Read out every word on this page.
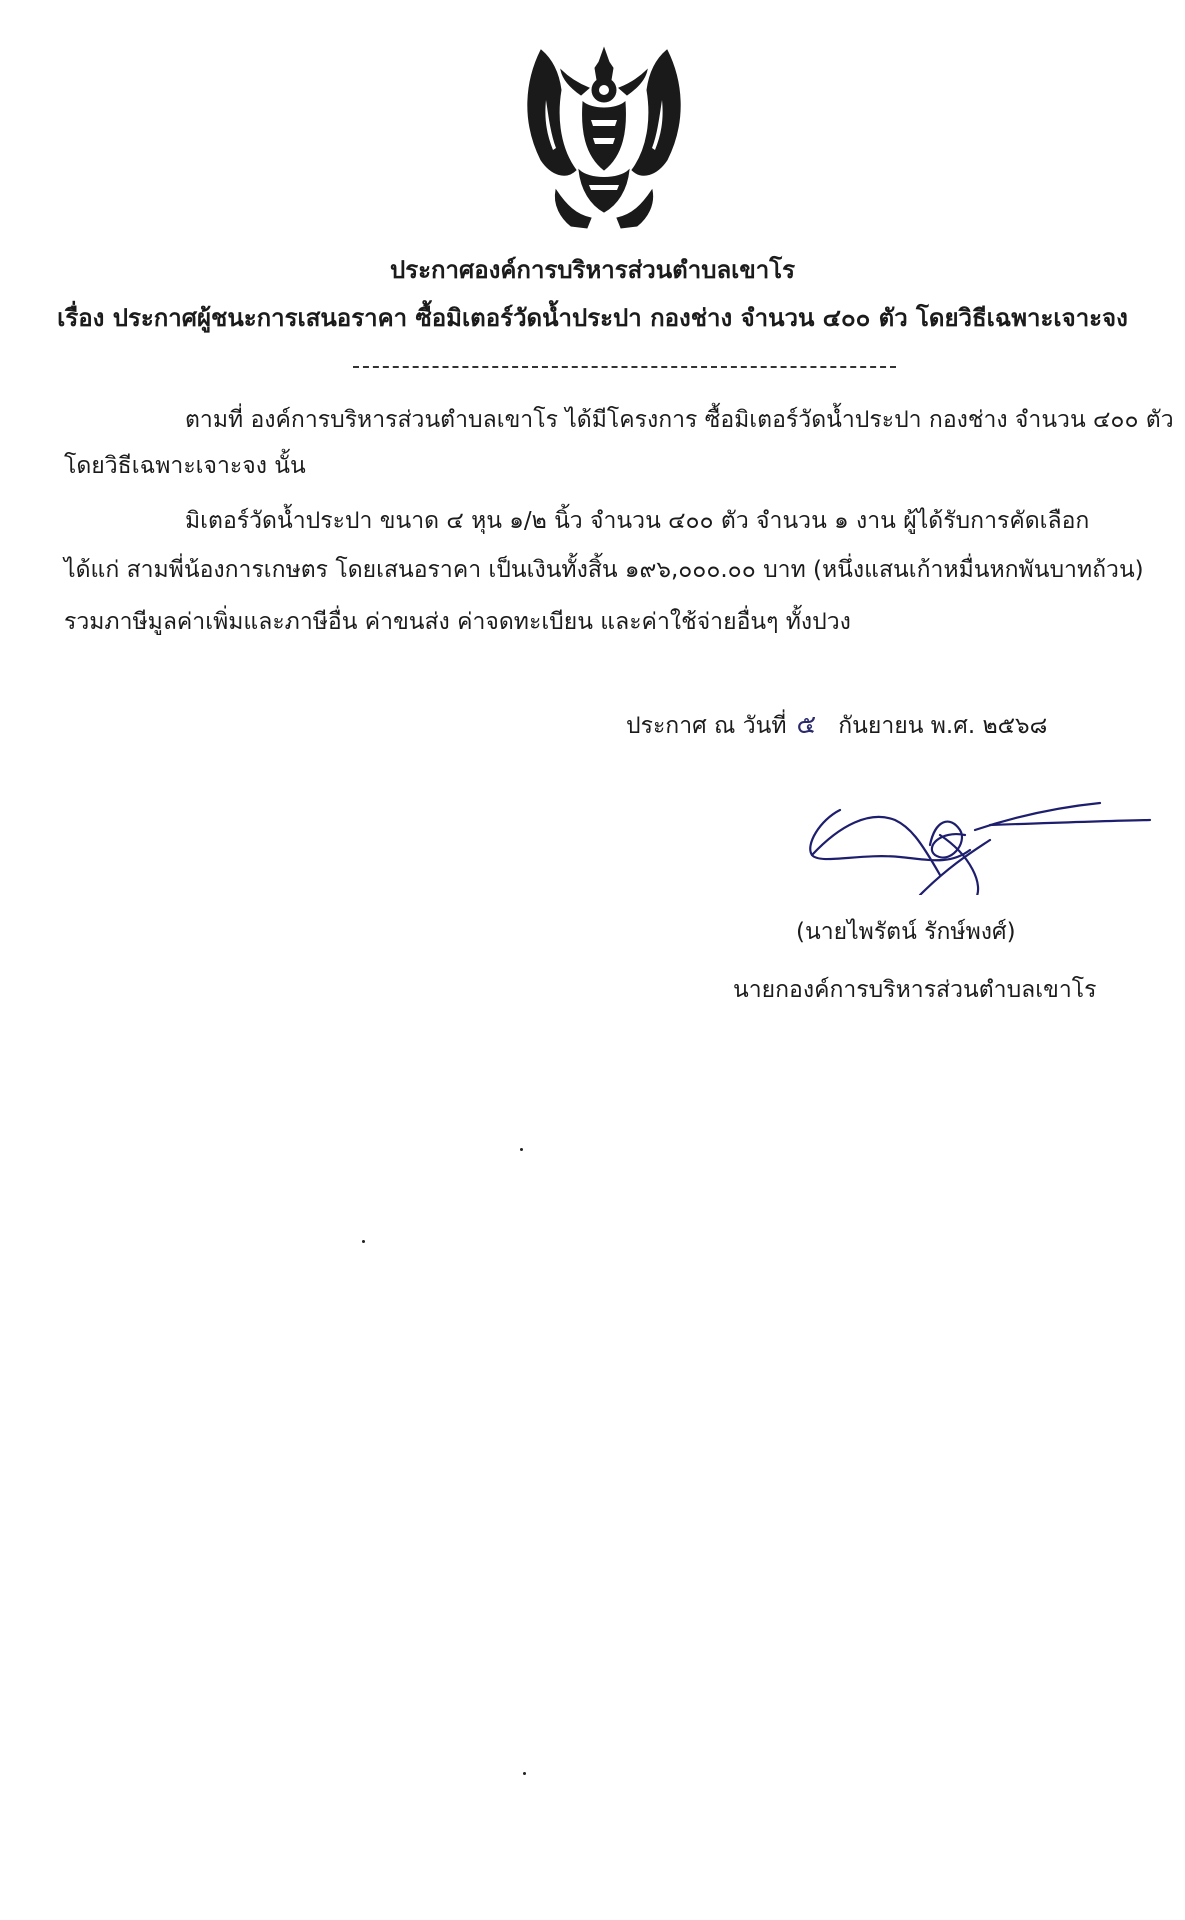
ประกาศองค์การบริหารส่วนตำบลเขาโร
เรื่อง ประกาศผู้ชนะการเสนอราคา ซื้อมิเตอร์วัดน้ำประปา กองช่าง จำนวน ๔๐๐ ตัว โดยวิธีเฉพาะเจาะจง
ตามที่ องค์การบริหารส่วนตำบลเขาโร ได้มีโครงการ ซื้อมิเตอร์วัดน้ำประปา กองช่าง จำนวน ๔๐๐ ตัว
โดยวิธีเฉพาะเจาะจง นั้น
มิเตอร์วัดน้ำประปา ขนาด ๔ หุน ๑/๒ นิ้ว จำนวน ๔๐๐ ตัว จำนวน ๑ งาน ผู้ได้รับการคัดเลือก
ได้แก่ สามพี่น้องการเกษตร โดยเสนอราคา เป็นเงินทั้งสิ้น ๑๙๖,๐๐๐.๐๐ บาท (หนึ่งแสนเก้าหมื่นหกพันบาทถ้วน)
รวมภาษีมูลค่าเพิ่มและภาษีอื่น ค่าขนส่ง ค่าจดทะเบียน และค่าใช้จ่ายอื่นๆ ทั้งปวง
ประกาศ ณ วันที่ ๕ กันยายน พ.ศ. ๒๕๖๘
(นายไพรัตน์ รักษ์พงศ์)
นายกองค์การบริหารส่วนตำบลเขาโร
